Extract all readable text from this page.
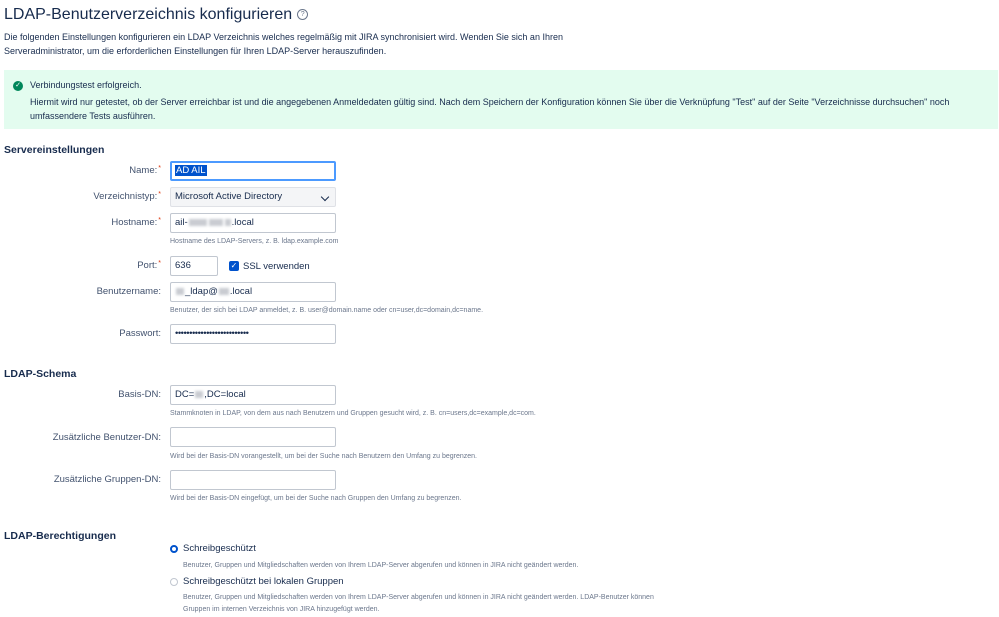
LDAP-Benutzerverzeichnis konfigurieren	?
Die folgenden Einstellungen konfigurieren ein LDAP Verzeichnis welches regelmäßig mit JIRA synchronisiert wird. Wenden Sie sich an Ihren Serveradministrator, um die erforderlichen Einstellungen für Ihren LDAP-Server herauszufinden.
✓ Verbindungstest erfolgreich.
Hiermit wird nur getestet, ob der Server erreichbar ist und die angegebenen Anmeldedaten gültig sind. Nach dem Speichern der Konfiguration können Sie über die Verknüpfung "Test" auf der Seite "Verzeichnisse durchsuchen" noch umfassendere Tests ausführen.
Servereinstellungen
Name:*	AD AIL
Verzeichnistyp:*	Microsoft Active Directory
Hostname:*	ail-	.local
Hostname des LDAP-Servers, z. B. ldap.example.com
Port:*	636	✓ SSL verwenden
Benutzername:	_ldap@ .local
Benutzer, der sich bei LDAP anmeldet, z. B. user@domain.name oder cn=user,dc=domain,dc=name.
Passwort:	••••••••••••••••••••••••••
LDAP-Schema
Basis-DN:	DC= ,DC=local
Stammknoten in LDAP, von dem aus nach Benutzern und Gruppen gesucht wird, z. B. cn=users,dc=example,dc=com.
Zusätzliche Benutzer-DN:
Wird bei der Basis-DN vorangestellt, um bei der Suche nach Benutzern den Umfang zu begrenzen.
Zusätzliche Gruppen-DN:
Wird bei der Basis-DN eingefügt, um bei der Suche nach Gruppen den Umfang zu begrenzen.
LDAP-Berechtigungen
Schreibgeschützt
Benutzer, Gruppen und Mitgliedschaften werden von Ihrem LDAP-Server abgerufen und können in JIRA nicht geändert werden.
Schreibgeschützt bei lokalen Gruppen
Benutzer, Gruppen und Mitgliedschaften werden von Ihrem LDAP-Server abgerufen und können in JIRA nicht geändert werden. LDAP-Benutzer können Gruppen im internen Verzeichnis von JIRA hinzugefügt werden.
